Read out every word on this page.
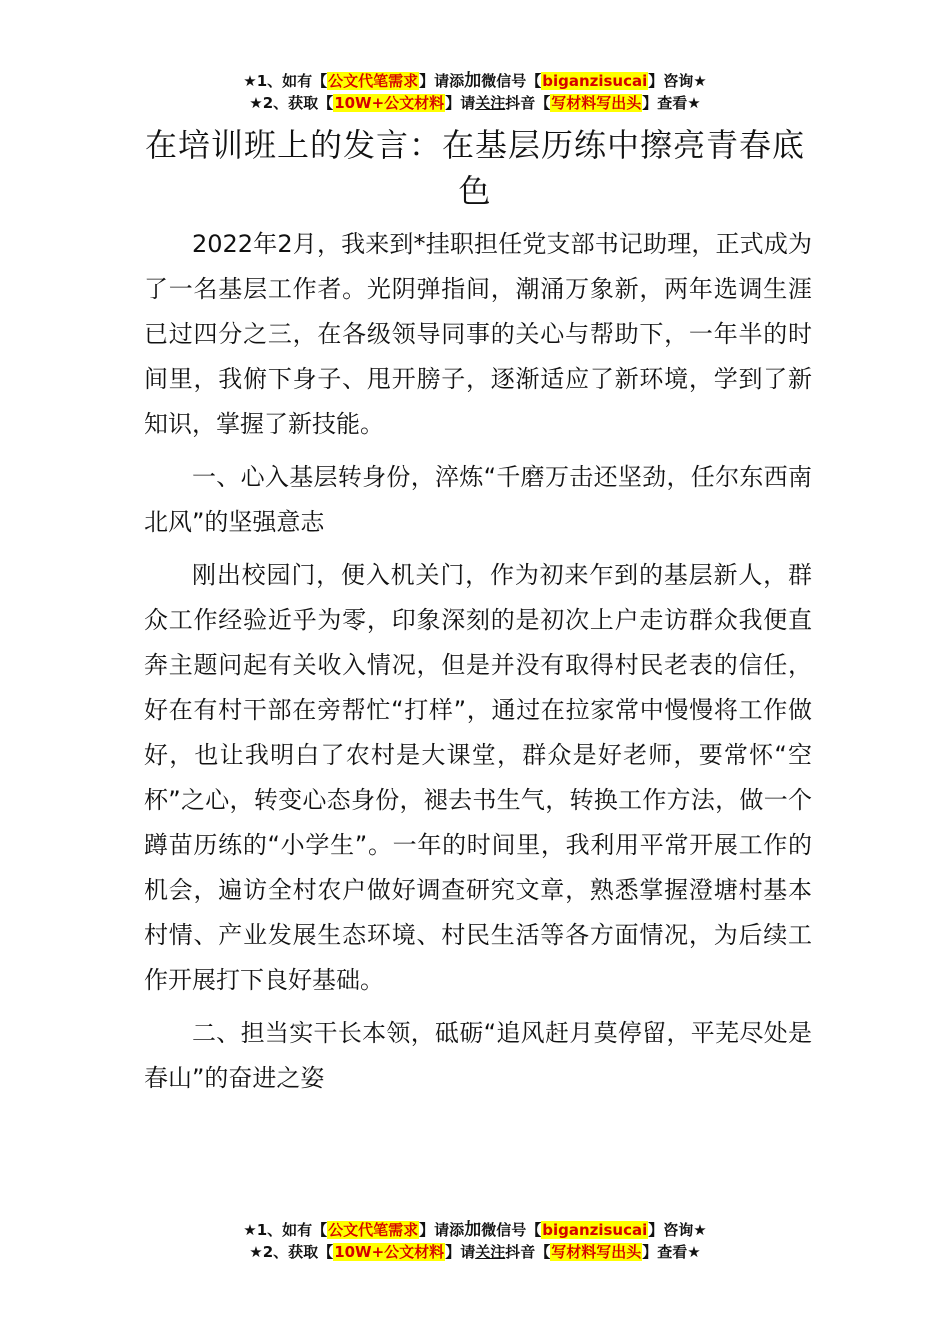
★1、如有【公文代笔需求】请添加微信号【biganzisucai】咨询★
★2、获取【10W+公文材料】请关注抖音【写材料写出头】查看★
在培训班上的发言：在基层历练中擦亮青春底色

2022年2月，我来到*挂职担任党支部书记助理，正式成为了一名基层工作者。光阴弹指间，潮涌万象新，两年选调生涯已过四分之三，在各级领导同事的关心与帮助下，一年半的时间里，我俯下身子、甩开膀子，逐渐适应了新环境，学到了新知识，掌握了新技能。

一、心入基层转身份，淬炼“千磨万击还坚劲，任尔东西南北风”的坚强意志

刚出校园门，便入机关门，作为初来乍到的基层新人，群众工作经验近乎为零，印象深刻的是初次上户走访群众我便直奔主题问起有关收入情况，但是并没有取得村民老表的信任，好在有村干部在旁帮忙“打样”，通过在拉家常中慢慢将工作做好，也让我明白了农村是大课堂，群众是好老师，要常怀“空杯”之心，转变心态身份，褪去书生气，转换工作方法，做一个蹲苗历练的“小学生”。一年的时间里，我利用平常开展工作的机会，遍访全村农户做好调查研究文章，熟悉掌握澄塘村基本村情、产业发展生态环境、村民生活等各方面情况，为后续工作开展打下良好基础。

二、担当实干长本领，砥砺“追风赶月莫停留，平芜尽处是春山”的奋进之姿

★1、如有【公文代笔需求】请添加微信号【biganzisucai】咨询★
★2、获取【10W+公文材料】请关注抖音【写材料写出头】查看★
